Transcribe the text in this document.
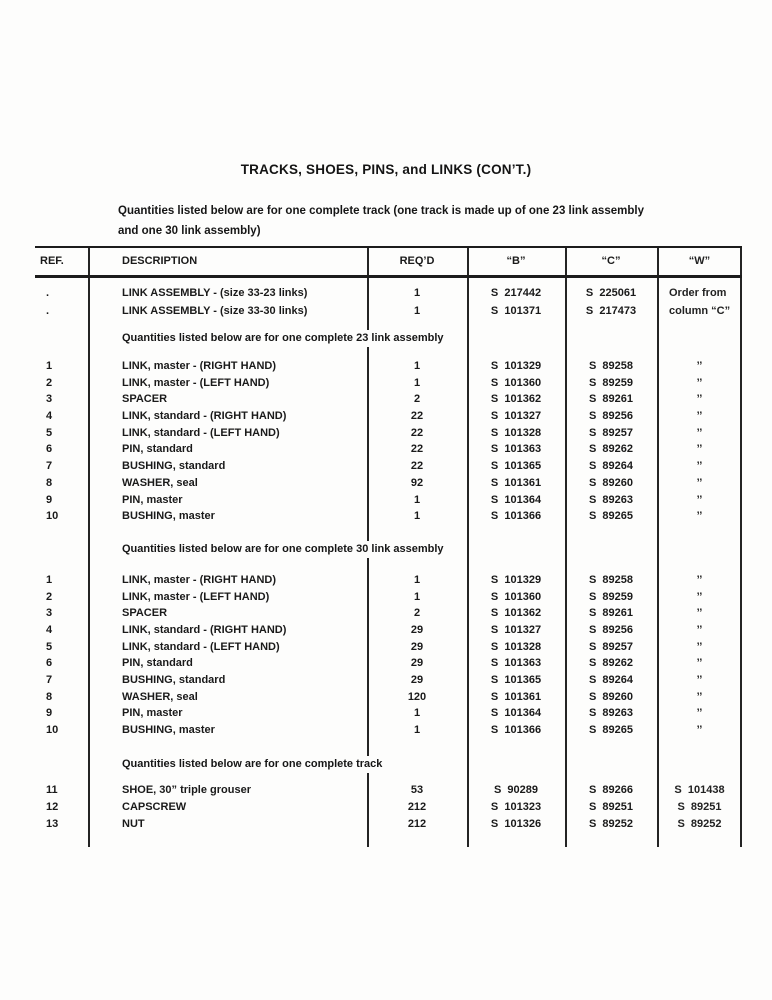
TRACKS, SHOES, PINS, and LINKS (CON’T.)
Quantities listed below are for one complete track (one track is made up of one 23 link assembly
and one 30 link assembly)
REF.	DESCRIPTION	REQ’D	“B”	“C”	“W”
.	LINK ASSEMBLY - (size 33-23 links)	1	S  217442	S  225061	Order from
.	LINK ASSEMBLY - (size 33-30 links)	1	S  101371	S  217473	column “C”
Quantities listed below are for one complete 23 link assembly
1	LINK, master - (RIGHT HAND)	1	S  101329	S  89258	’’
2	LINK, master - (LEFT HAND)	1	S  101360	S  89259	’’
3	SPACER	2	S  101362	S  89261	’’
4	LINK, standard - (RIGHT HAND)	22	S  101327	S  89256	’’
5	LINK, standard - (LEFT HAND)	22	S  101328	S  89257	’’
6	PIN, standard	22	S  101363	S  89262	’’
7	BUSHING, standard	22	S  101365	S  89264	’’
8	WASHER, seal	92	S  101361	S  89260	’’
9	PIN, master	1	S  101364	S  89263	’’
10	BUSHING, master	1	S  101366	S  89265	’’
Quantities listed below are for one complete 30 link assembly
1	LINK, master - (RIGHT HAND)	1	S  101329	S  89258	’’
2	LINK, master - (LEFT HAND)	1	S  101360	S  89259	’’
3	SPACER	2	S  101362	S  89261	’’
4	LINK, standard - (RIGHT HAND)	29	S  101327	S  89256	’’
5	LINK, standard - (LEFT HAND)	29	S  101328	S  89257	’’
6	PIN, standard	29	S  101363	S  89262	’’
7	BUSHING, standard	29	S  101365	S  89264	’’
8	WASHER, seal	120	S  101361	S  89260	’’
9	PIN, master	1	S  101364	S  89263	’’
10	BUSHING, master	1	S  101366	S  89265	’’
Quantities listed below are for one complete track
11	SHOE, 30” triple grouser	53	S  90289	S  89266	S  101438
12	CAPSCREW	212	S  101323	S  89251	S  89251
13	NUT	212	S  101326	S  89252	S  89252
